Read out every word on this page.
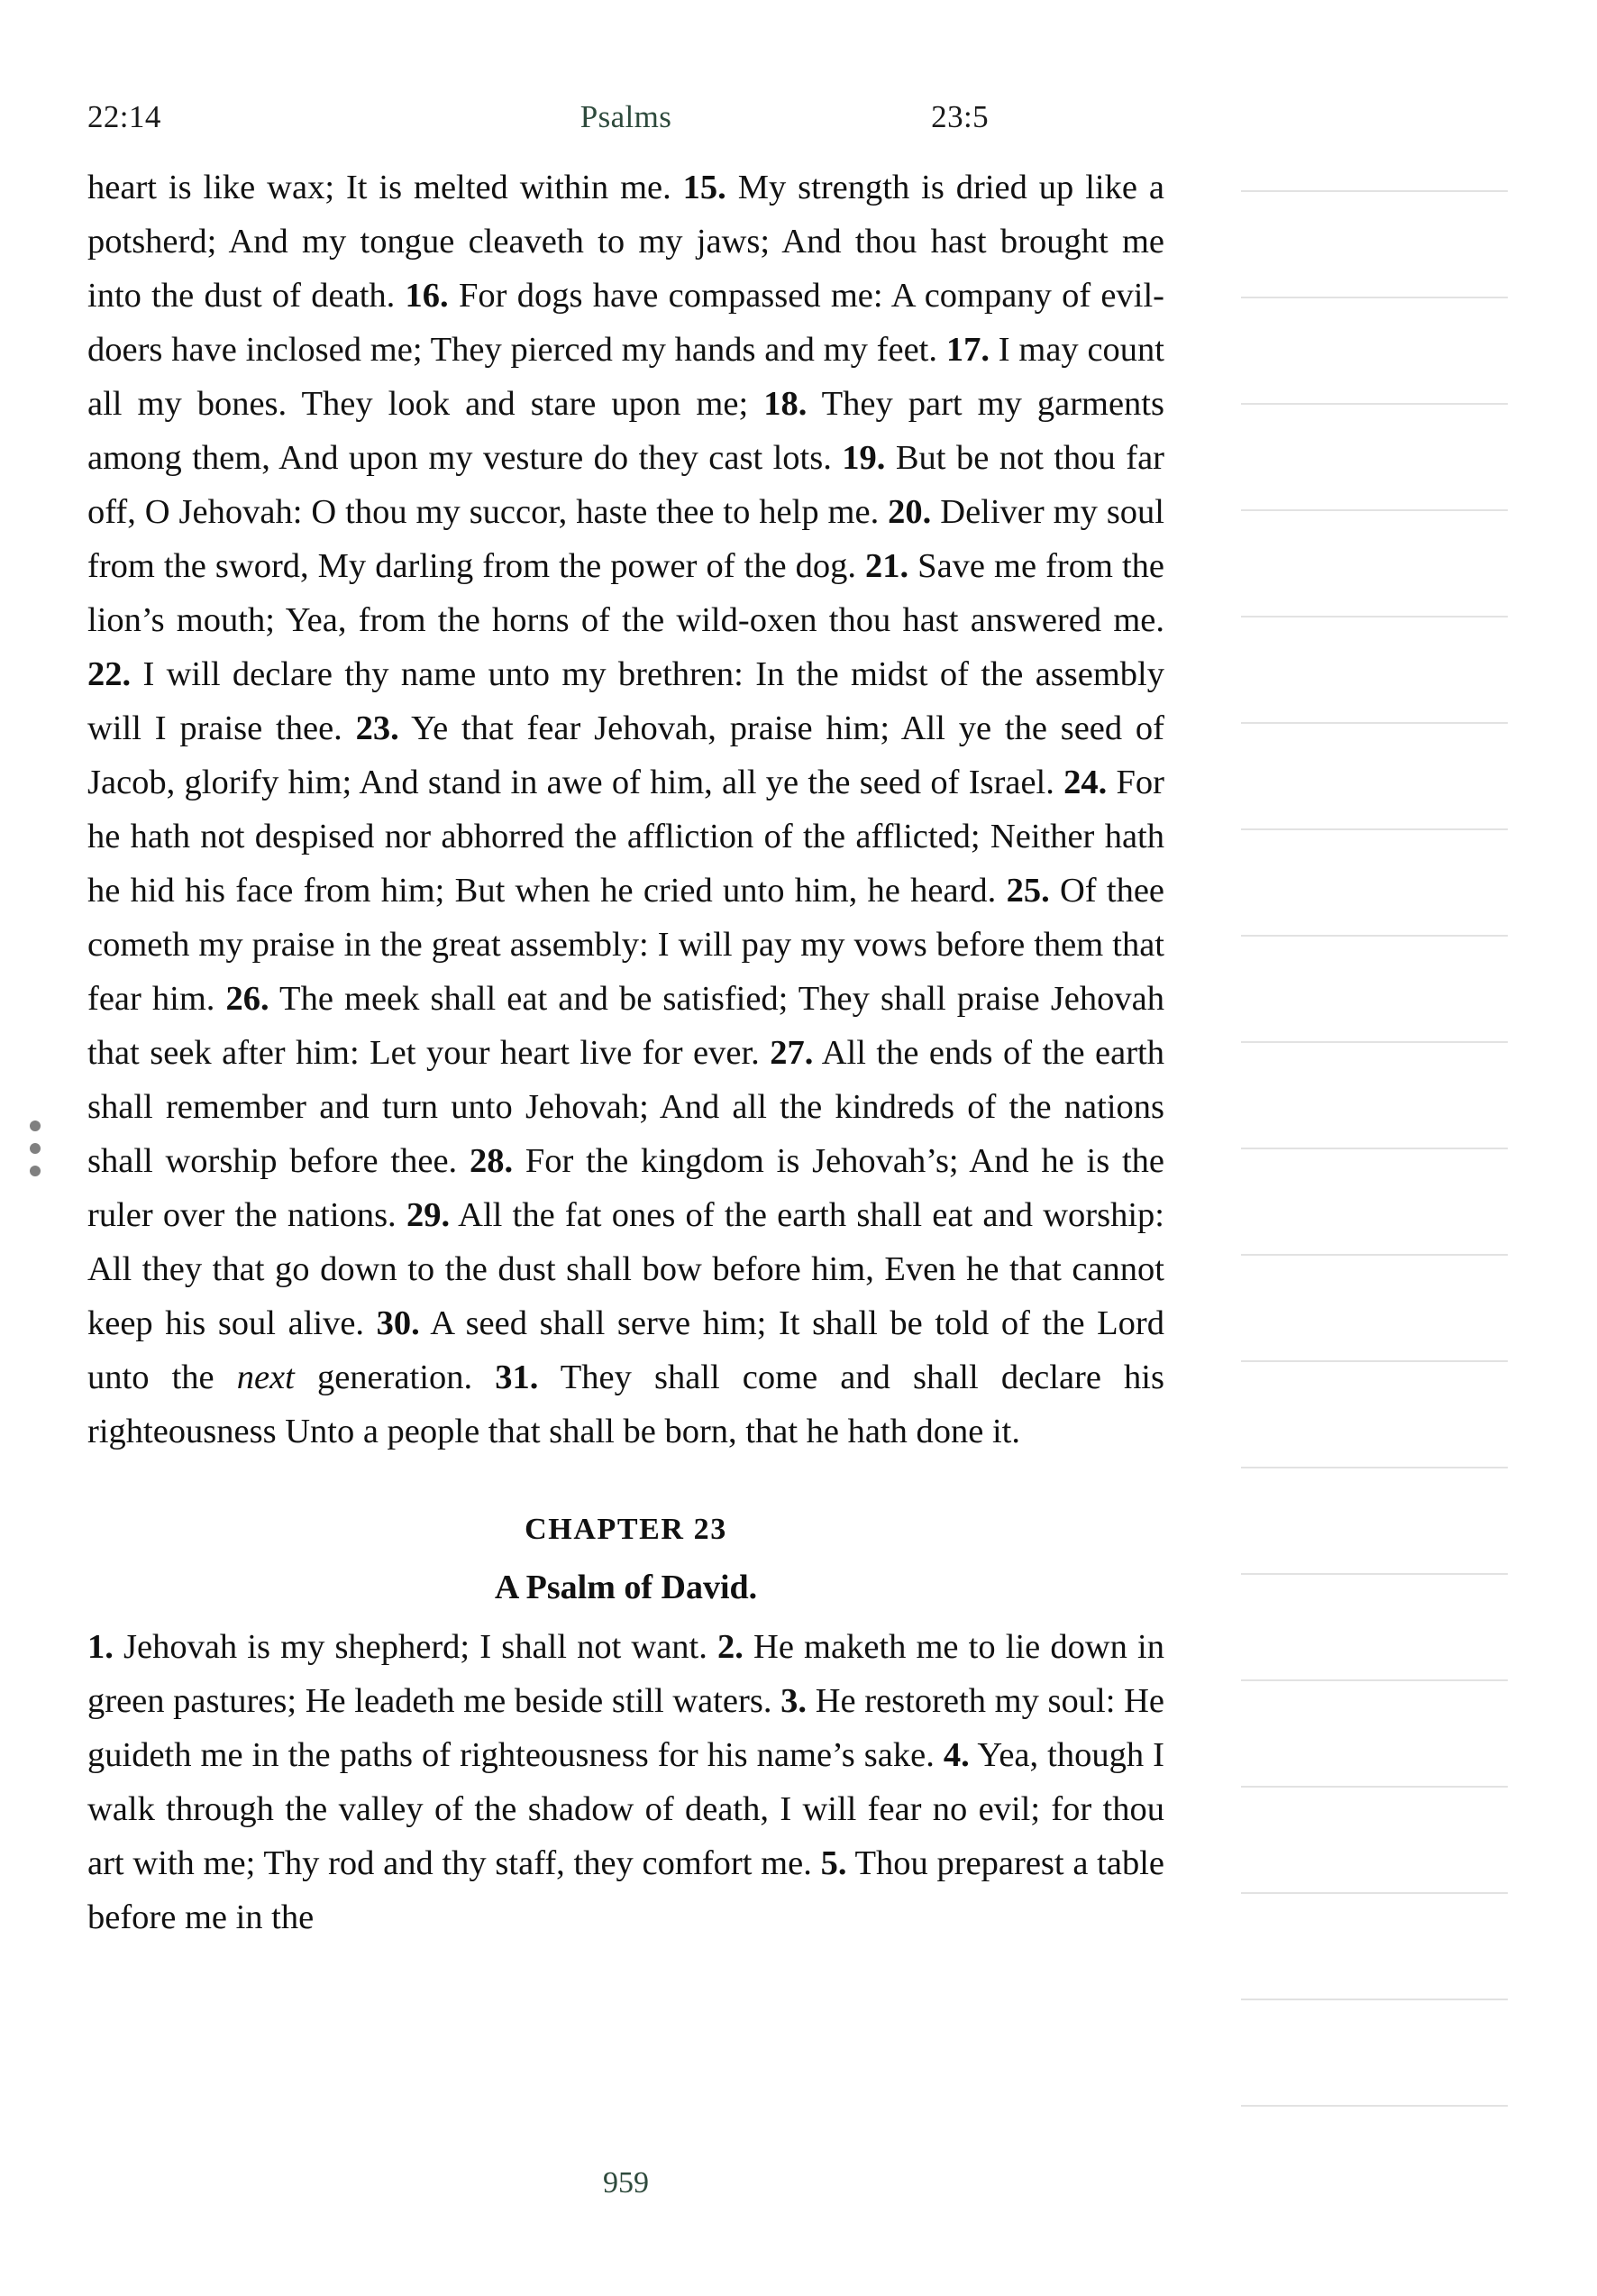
22:14	Psalms	23:5

heart is like wax; It is melted within me. 15. My strength is dried up like a potsherd; And my tongue cleaveth to my jaws; And thou hast brought me into the dust of death. 16. For dogs have compassed me: A company of evil-doers have inclosed me; They pierced my hands and my feet. 17. I may count all my bones. They look and stare upon me; 18. They part my garments among them, And upon my vesture do they cast lots. 19. But be not thou far off, O Jehovah: O thou my succor, haste thee to help me. 20. Deliver my soul from the sword, My darling from the power of the dog. 21. Save me from the lion’s mouth; Yea, from the horns of the wild-oxen thou hast answered me. 22. I will declare thy name unto my brethren: In the midst of the assembly will I praise thee. 23. Ye that fear Jehovah, praise him; All ye the seed of Jacob, glorify him; And stand in awe of him, all ye the seed of Israel. 24. For he hath not despised nor abhorred the affliction of the afflicted; Neither hath he hid his face from him; But when he cried unto him, he heard. 25. Of thee cometh my praise in the great assembly: I will pay my vows before them that fear him. 26. The meek shall eat and be satisfied; They shall praise Jehovah that seek after him: Let your heart live for ever. 27. All the ends of the earth shall remember and turn unto Jehovah; And all the kindreds of the nations shall worship before thee. 28. For the kingdom is Jehovah’s; And he is the ruler over the nations. 29. All the fat ones of the earth shall eat and worship: All they that go down to the dust shall bow before him, Even he that cannot keep his soul alive. 30. A seed shall serve him; It shall be told of the Lord unto the next generation. 31. They shall come and shall declare his righteousness Unto a people that shall be born, that he hath done it.

CHAPTER 23
A Psalm of David.

1. Jehovah is my shepherd; I shall not want. 2. He maketh me to lie down in green pastures; He leadeth me beside still waters. 3. He restoreth my soul: He guideth me in the paths of righteousness for his name’s sake. 4. Yea, though I walk through the valley of the shadow of death, I will fear no evil; for thou art with me; Thy rod and thy staff, they comfort me. 5. Thou preparest a table before me in the

959
